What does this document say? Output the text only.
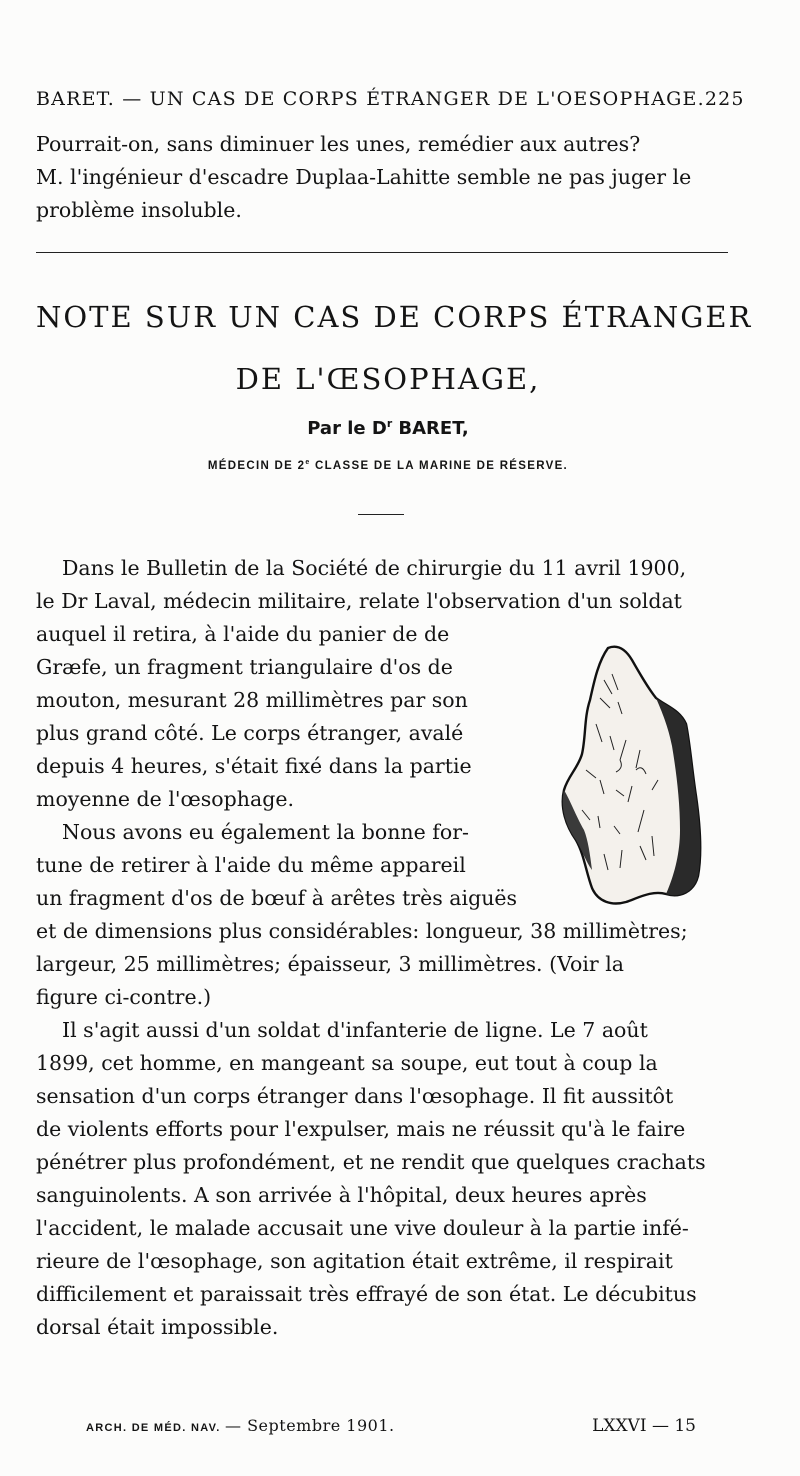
BARET. — UN CAS DE CORPS ÉTRANGER DE L'OESOPHAGE. 225

Pourrait-on, sans diminuer les unes, remédier aux autres?

M. l'ingénieur d'escadre Duplaa-Lahitte semble ne pas juger le

problème insoluble.

NOTE SUR UN CAS DE CORPS ÉTRANGER
DE L'ŒSOPHAGE,
Par le $D^r$ BARET,
MÉDECIN DE 2e CLASSE DE LA MARINE DE RÉSERVE.

Dans le Bulletin de la Société de chirurgie du 11 avril 1900,

le Dr Laval, médecin militaire, relate l'observation d'un soldat

auquel il retira, à l'aide du panier de de

Græfe, un fragment triangulaire d'os de

mouton, mesurant 28 millimètres par son

plus grand côté. Le corps étranger, avalé

depuis 4 heures, s'était fixé dans la partie

moyenne de l'œsophage.

Nous avons eu également la bonne for-

tune de retirer à l'aide du même appareil

un fragment d'os de bœuf à arêtes très aiguës

et de dimensions plus considérables: longueur, 38 millimètres;

largeur, 25 millimètres; épaisseur, 3 millimètres. (Voir la

figure ci-contre.)

Il s'agit aussi d'un soldat d'infanterie de ligne. Le 7 août

1899, cet homme, en mangeant sa soupe, eut tout à coup la

sensation d'un corps étranger dans l'œsophage. Il fit aussitôt

de violents efforts pour l'expulser, mais ne réussit qu'à le faire

pénétrer plus profondément, et ne rendit que quelques crachats

sanguinolents. A son arrivée à l'hôpital, deux heures après

l'accident, le malade accusait une vive douleur à la partie infé-

rieure de l'œsophage, son agitation était extrême, il respirait

difficilement et paraissait très effrayé de son état. Le décubitus

dorsal était impossible.

ARCH. DE MÉD. NAV. — Septembre 1901.	LXXVI — 15
